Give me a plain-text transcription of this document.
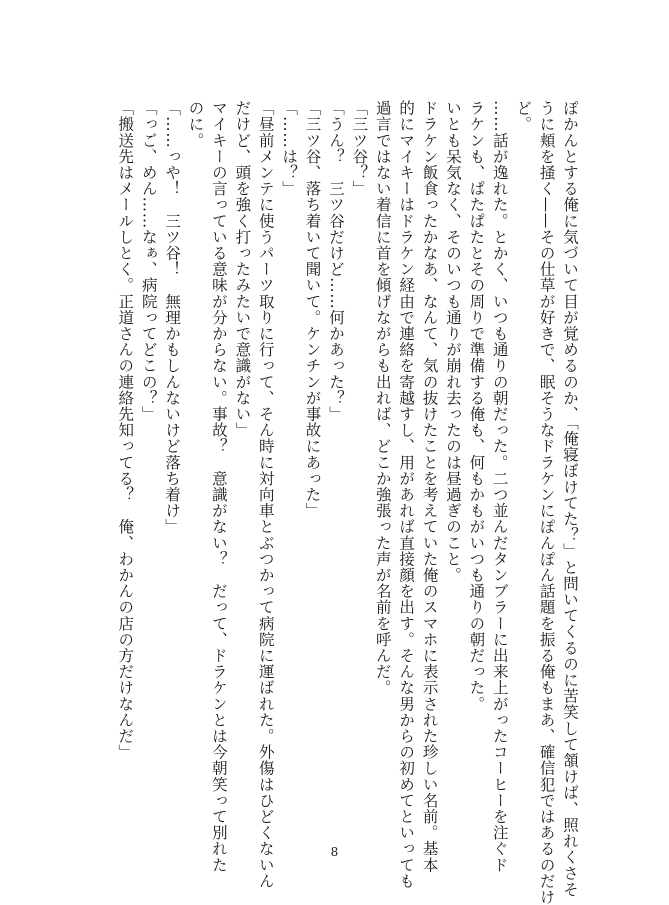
ぽかんとする俺に気づいて目が覚めるのか、「俺寝ぼけてた？」と問いてくるのに苦笑して頷けば、照れくさそ
うに頬を掻く——その仕草が好きで、眠そうなドラケンにぽんぽん話題を振る俺もまあ、確信犯ではあるのだけ
ど。
……話が逸れた。とかく、いつも通りの朝だった。二つ並んだタンブラーに出来上がったコーヒーを注ぐド
ラケンも、ぱたぱたとその周りで準備する俺も、何もかもがいつも通りの朝だった。
いとも呆気なく、そのいつも通りが崩れ去ったのは昼過ぎのこと。
ドラケン飯食ったかなあ、なんて、気の抜けたことを考えていた俺のスマホに表示された珍しい名前。基本
的にマイキーはドラケン経由で連絡を寄越すし、用があれば直接顔を出す。そんな男からの初めてといっても
過言ではない着信に首を傾げながらも出れば、どこか強張った声が名前を呼んだ。
「三ツ谷？」
「うん？　三ツ谷だけど……何かあった？」
「三ツ谷、落ち着いて聞いて。ケンチンが事故にあった」
「……は？」
「昼前メンテに使うパーツ取りに行って、そん時に対向車とぶつかって病院に運ばれた。外傷はひどくないん
だけど、頭を強く打ったみたいで意識がない」
マイキーの言っている意味が分からない。事故？　意識がない？　だって、ドラケンとは今朝笑って別れた
のに。
「……っや！　三ツ谷！　無理かもしんないけど落ち着け」
「っご、めん……なぁ、病院ってどこの？」
「搬送先はメールしとく。正道さんの連絡先知ってる？　俺、わかんの店の方だけなんだ」
8
